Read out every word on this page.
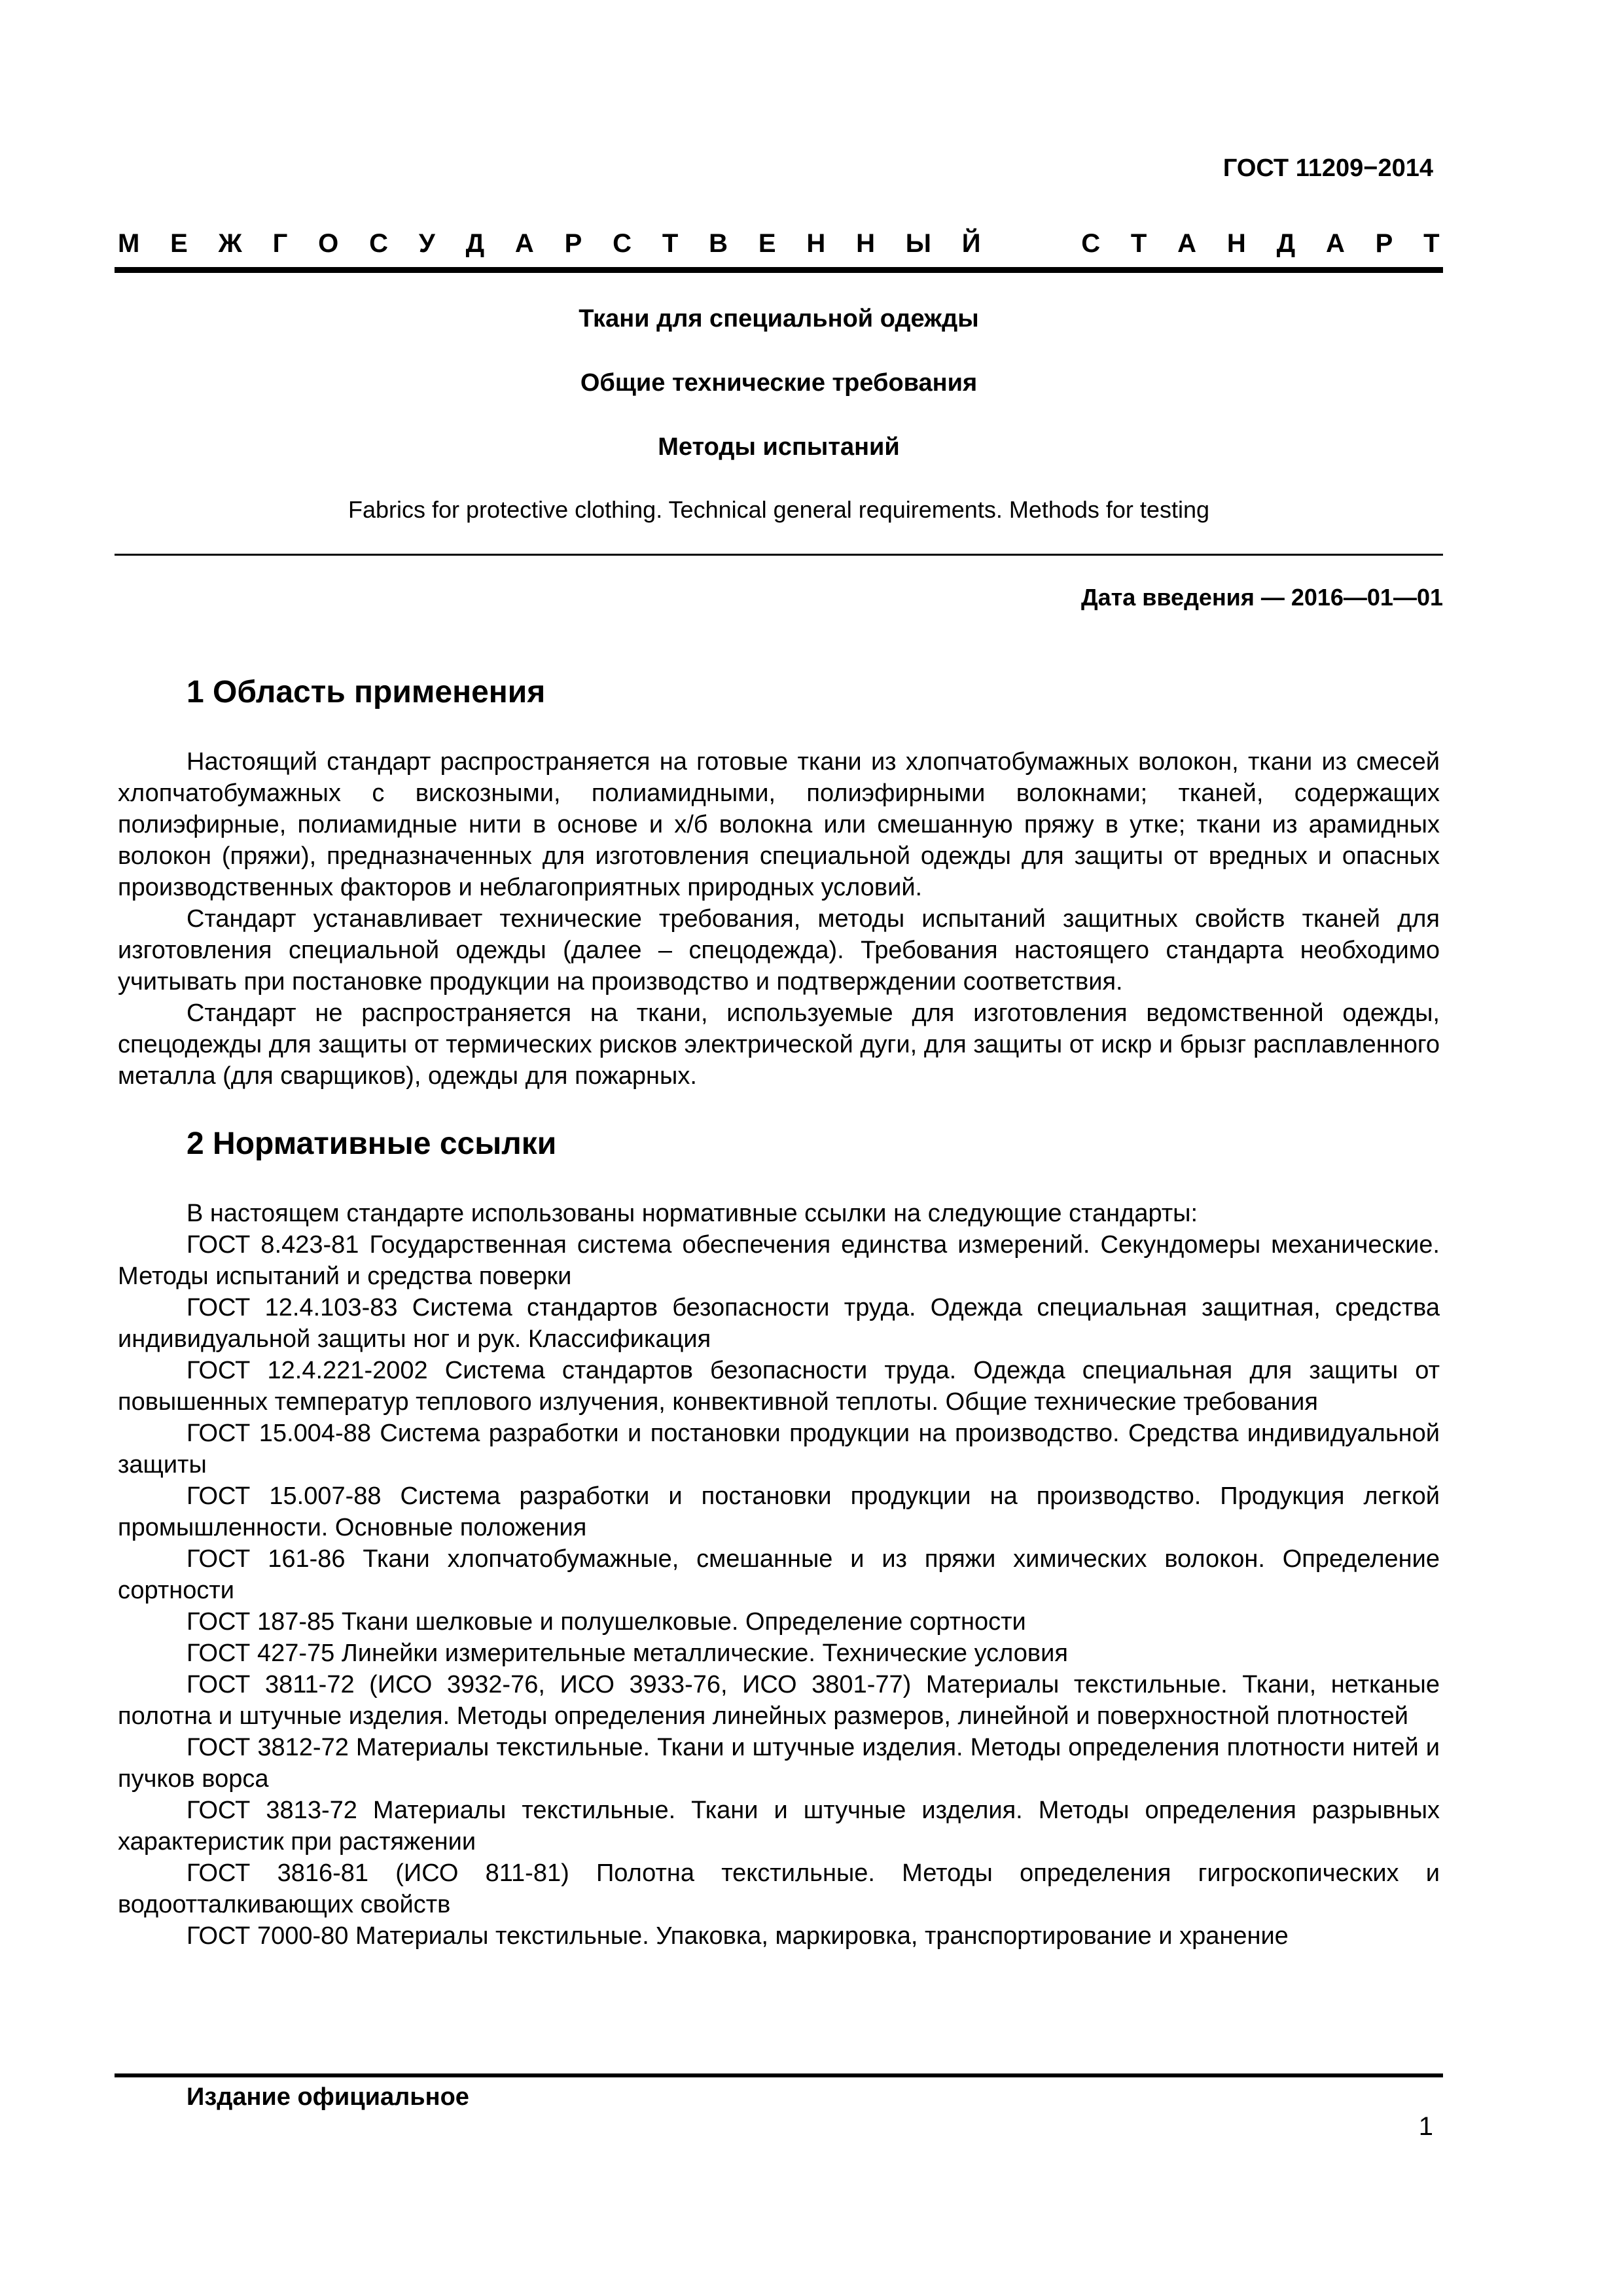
ГОСТ 11209−2014
М Е Ж Г О С У Д А Р С Т В Е Н Н Ы Й	С Т А Н Д А Р Т
Ткани для специальной одежды
Общие технические требования
Методы испытаний
Fabrics for protective clothing. Technical general requirements. Methods for testing
Дата введения — 2016—01—01
1 Область применения

Настоящий стандарт распространяется на готовые ткани из хлопчатобумажных волокон, ткани из смесей хлопчатобумажных с вискозными, полиамидными, полиэфирными волокнами; тканей, содержащих полиэфирные, полиамидные нити в основе и х/б волокна или смешанную пряжу в утке; ткани из арамидных волокон (пряжи), предназначенных для изготовления специальной одежды для защиты от вредных и опасных производственных факторов и неблагоприятных природных условий.

Стандарт устанавливает технические требования, методы испытаний защитных свойств тканей для изготовления специальной одежды (далее – спецодежда). Требования настоящего стандарта необходимо учитывать при постановке продукции на производство и подтверждении соответствия.

Стандарт не распространяется на ткани, используемые для изготовления ведомственной одежды, спецодежды для защиты от термических рисков электрической дуги, для защиты от искр и брызг расплавленного металла (для сварщиков), одежды для пожарных.

2 Нормативные ссылки

В настоящем стандарте использованы нормативные ссылки на следующие стандарты:

ГОСТ 8.423-81 Государственная система обеспечения единства измерений. Секундомеры механические. Методы испытаний и средства поверки

ГОСТ 12.4.103-83 Система стандартов безопасности труда. Одежда специальная защитная, средства индивидуальной защиты ног и рук. Классификация

ГОСТ 12.4.221-2002 Система стандартов безопасности труда. Одежда специальная для защиты от повышенных температур теплового излучения, конвективной теплоты. Общие технические требования

ГОСТ 15.004-88 Система разработки и постановки продукции на производство. Средства индивидуальной защиты

ГОСТ 15.007-88 Система разработки и постановки продукции на производство. Продукция легкой промышленности. Основные положения

ГОСТ 161-86 Ткани хлопчатобумажные, смешанные и из пряжи химических волокон. Определение сортности

ГОСТ 187-85 Ткани шелковые и полушелковые. Определение сортности

ГОСТ 427-75 Линейки измерительные металлические. Технические условия

ГОСТ 3811-72 (ИСО 3932-76, ИСО 3933-76, ИСО 3801-77) Материалы текстильные. Ткани, нетканые полотна и штучные изделия. Методы определения линейных размеров, линейной и поверхностной плотностей

ГОСТ 3812-72 Материалы текстильные. Ткани и штучные изделия. Методы определения плотности нитей и пучков ворса

ГОСТ 3813-72 Материалы текстильные. Ткани и штучные изделия. Методы определения разрывных характеристик при растяжении

ГОСТ 3816-81 (ИСО 811-81) Полотна текстильные. Методы определения гигроскопических и водоотталкивающих свойств

ГОСТ 7000-80 Материалы текстильные. Упаковка, маркировка, транспортирование и хранение

Издание официальное
1
